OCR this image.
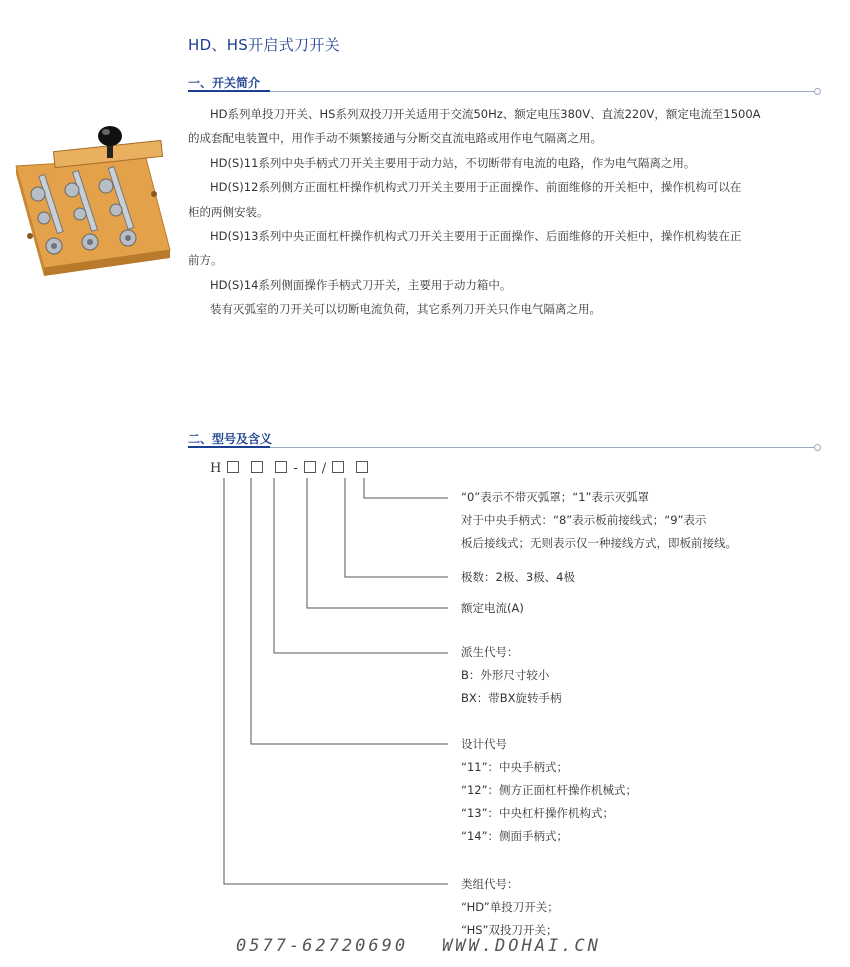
HD、HS开启式刀开关
一、开关简介

HD系列单投刀开关、HS系列双投刀开关适用于交流50Hz、额定电压380V、直流220V，额定电流至1500A

的成套配电装置中，用作手动不频繁接通与分断交直流电路或用作电气隔离之用。

HD(S)11系列中央手柄式刀开关主要用于动力站，不切断带有电流的电路，作为电气隔离之用。

HD(S)12系列侧方正面杠杆操作机构式刀开关主要用于正面操作、前面维修的开关柜中，操作机构可以在

柜的两侧安装。

HD(S)13系列中央正面杠杆操作机构式刀开关主要用于正面操作、后面维修的开关柜中，操作机构装在正

前方。

HD(S)14系列侧面操作手柄式刀开关，主要用于动力箱中。

装有灭弧室的刀开关可以切断电流负荷，其它系列刀开关只作电气隔离之用。

二、型号及含义
H	- /

“0”表示不带灭弧罩；“1”表示灭弧罩

对于中央手柄式：“8”表示板前接线式；“9”表示

板后接线式；无则表示仅一种接线方式，即板前接线。

极数：2极、3极、4极

额定电流(A)

派生代号：

B：外形尺寸较小

BX：带BX旋转手柄

设计代号

“11”：中央手柄式；

“12”：侧方正面杠杆操作机械式；

“13”：中央杠杆操作机构式；

“14”：侧面手柄式；

类组代号：

“HD”单投刀开关；

“HS”双投刀开关；

0577-62720690 WWW.DOHAI.CN
